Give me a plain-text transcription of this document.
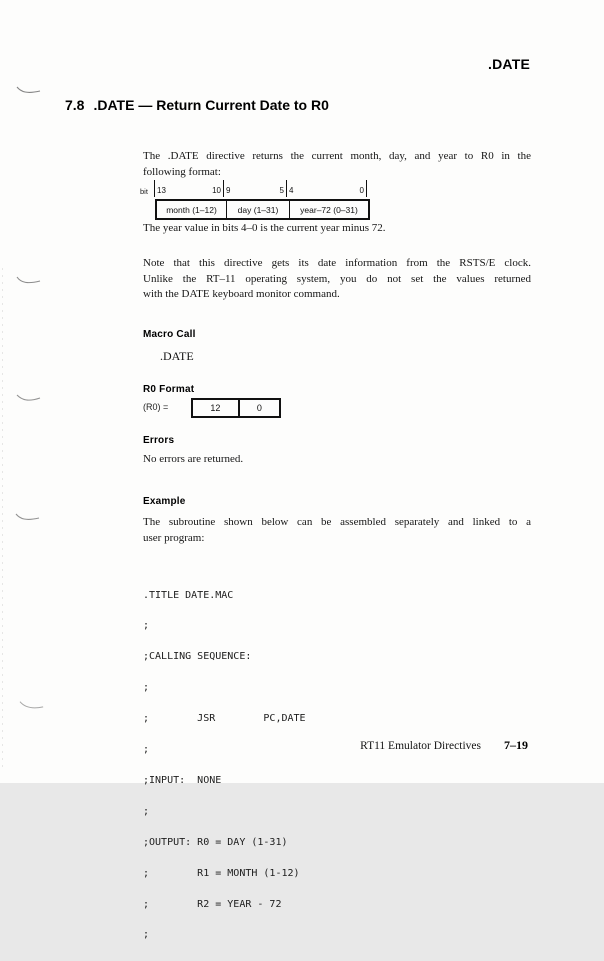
.DATE
7.8 .DATE — Return Current Date to R0
The .DATE directive returns the current month, day, and year to R0 in the
following format:
bit 13	10 9	5 4	0
month (1–12)	day (1–31)	year–72 (0–31)
The year value in bits 4–0 is the current year minus 72.
Note that this directive gets its date information from the RSTS/E clock.
Unlike the RT–11 operating system, you do not set the values returned
with the DATE keyboard monitor command.
Macro Call
.DATE
R0 Format
(R0) =	12	0
Errors
No errors are returned.
Example
The subroutine shown below can be assembled separately and linked to a
user program:

.TITLE DATE.MAC

;

;CALLING SEQUENCE:

;

;        JSR        PC,DATE

;

;INPUT:  NONE

;

;OUTPUT: R0 = DAY (1-31)

;        R1 = MONTH (1-12)

;        R2 = YEAR - 72

;

RT11 Emulator Directives 7–19
